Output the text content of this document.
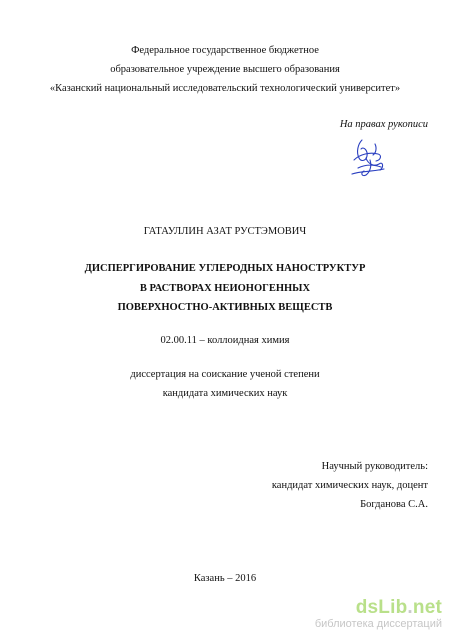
Федеральное государственное бюджетное
образовательное учреждение высшего образования
«Казанский национальный исследовательский технологический университет»
На правах рукописи
ГАТАУЛЛИН АЗАТ РУСТЭМОВИЧ
ДИСПЕРГИРОВАНИЕ УГЛЕРОДНЫХ НАНОСТРУКТУР
В РАСТВОРАХ НЕИОНОГЕННЫХ
ПОВЕРХНОСТНО-АКТИВНЫХ ВЕЩЕСТВ
02.00.11 – коллоидная химия
диссертация на соискание ученой степени
кандидата химических наук
Научный руководитель:
кандидат химических наук, доцент
Богданова С.А.
Казань – 2016
dsLib.net
библиотека диссертаций
